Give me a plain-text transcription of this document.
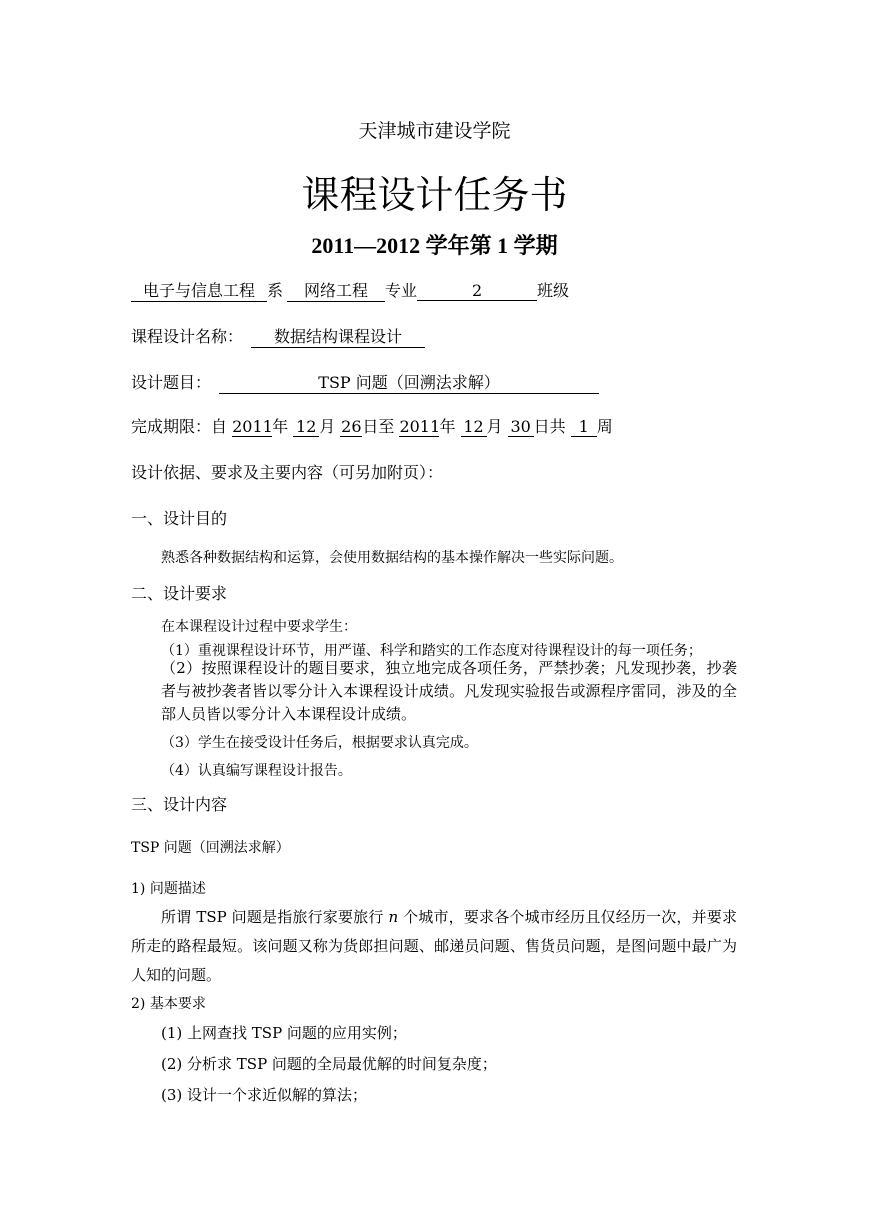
天津城市建设学院
课程设计任务书
2011—2012 学年第 1 学期
电子与信息工程 系 网络工程 专业	2	班级
课程设计名称： 数据结构课程设计
设计题目：	TSP 问题（回溯法求解）
完成期限：自 2011年 12 月 26日至 2011年 12 月 30 日共 1 周
设计依据、要求及主要内容（可另加附页）：
一、设计目的
熟悉各种数据结构和运算，会使用数据结构的基本操作解决一些实际问题。
二、设计要求
在本课程设计过程中要求学生：
（1）重视课程设计环节，用严谨、科学和踏实的工作态度对待课程设计的每一项任务；
（2）按照课程设计的题目要求，独立地完成各项任务，严禁抄袭；凡发现抄袭，抄袭者与被抄袭者皆以零分计入本课程设计成绩。凡发现实验报告或源程序雷同，涉及的全部人员皆以零分计入本课程设计成绩。
（3）学生在接受设计任务后，根据要求认真完成。
（4）认真编写课程设计报告。
三、设计内容
TSP 问题（回溯法求解）
1) 问题描述
所谓 TSP 问题是指旅行家要旅行 n 个城市，要求各个城市经历且仅经历一次，并要求所走的路程最短。该问题又称为货郎担问题、邮递员问题、售货员问题，是图问题中最广为人知的问题。
2) 基本要求
(1) 上网查找 TSP 问题的应用实例；
(2) 分析求 TSP 问题的全局最优解的时间复杂度；
(3) 设计一个求近似解的算法；
